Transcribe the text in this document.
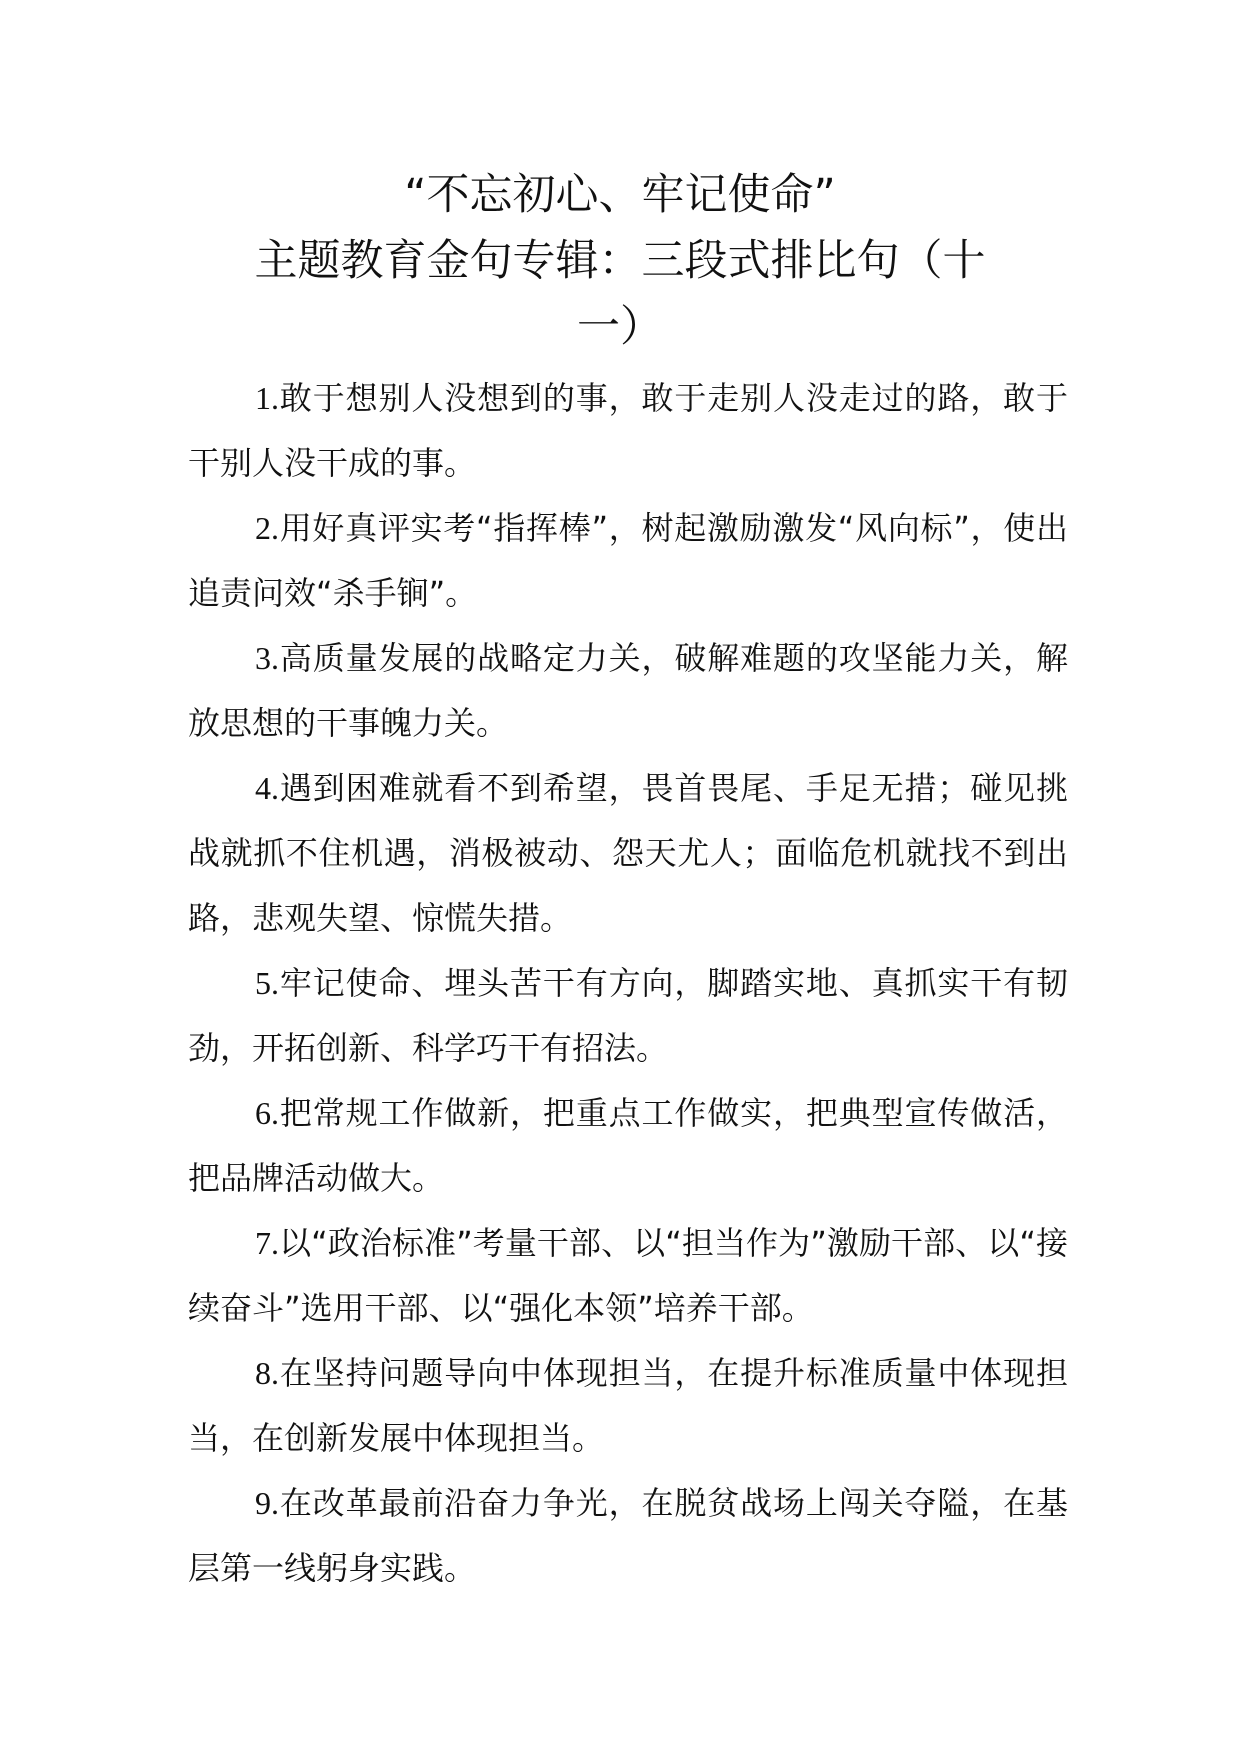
“不忘初心、牢记使命”
主题教育金句专辑：三段式排比句（十
一）

1.敢于想别人没想到的事，敢于走别人没走过的路，敢于干别人没干成的事。

2.用好真评实考“指挥棒”，树起激励激发“风向标”，使出追责问效“杀手锏”。

3.高质量发展的战略定力关，破解难题的攻坚能力关，解放思想的干事魄力关。

4.遇到困难就看不到希望，畏首畏尾、手足无措；碰见挑战就抓不住机遇，消极被动、怨天尤人；面临危机就找不到出路，悲观失望、惊慌失措。

5.牢记使命、埋头苦干有方向，脚踏实地、真抓实干有韧劲，开拓创新、科学巧干有招法。

6.把常规工作做新，把重点工作做实，把典型宣传做活，把品牌活动做大。

7.以“政治标准”考量干部、以“担当作为”激励干部、以“接续奋斗”选用干部、以“强化本领”培养干部。

8.在坚持问题导向中体现担当，在提升标准质量中体现担当，在创新发展中体现担当。

9.在改革最前沿奋力争光，在脱贫战场上闯关夺隘，在基层第一线躬身实践。
